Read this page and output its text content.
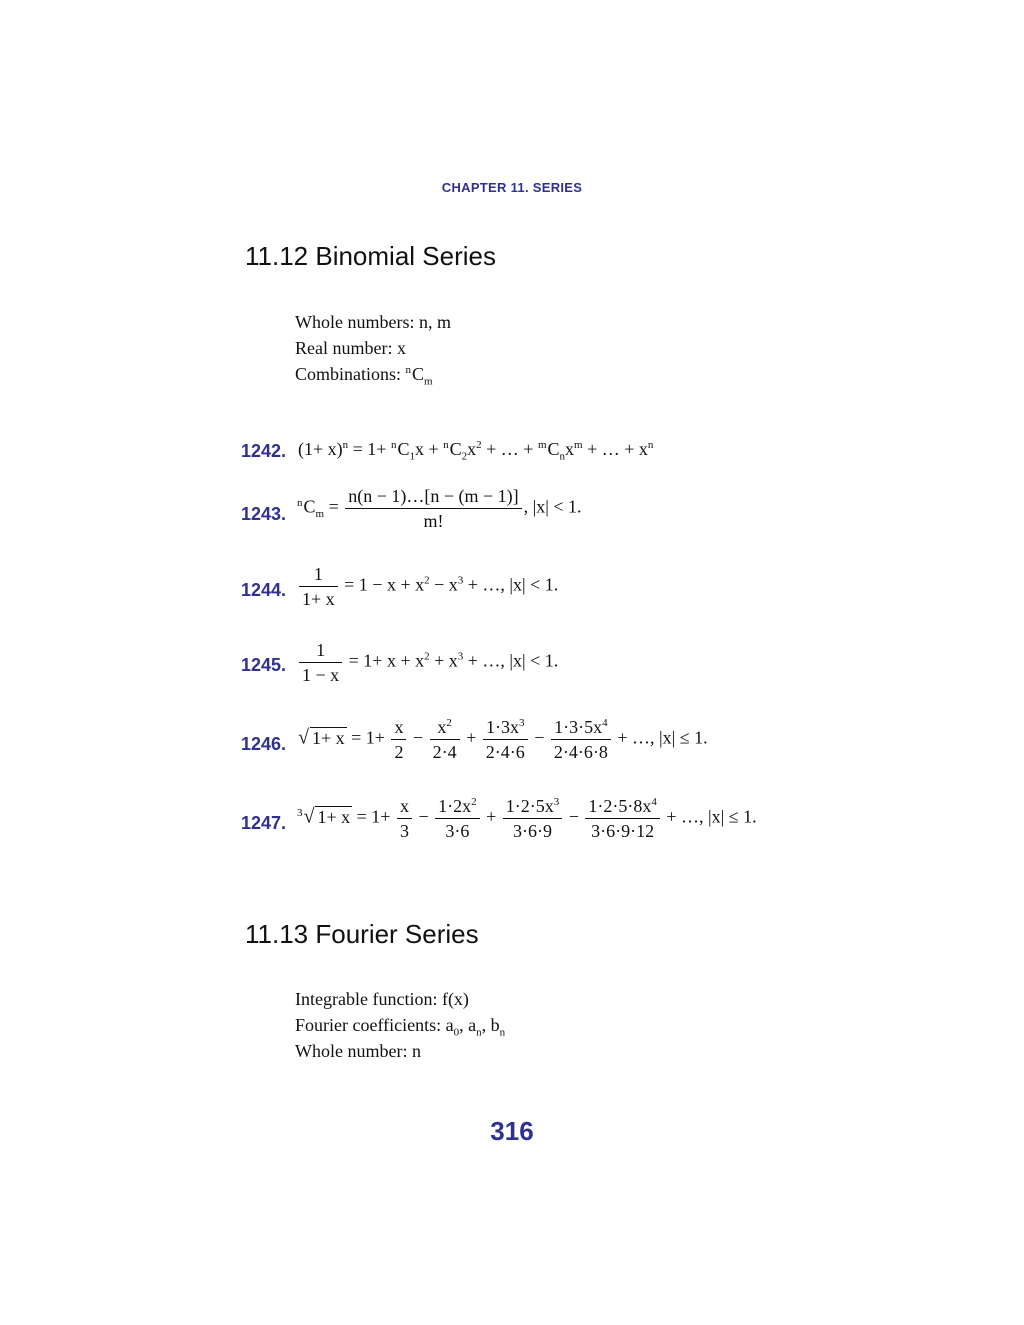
CHAPTER 11. SERIES
11.12 Binomial Series
Whole numbers: n, m
Real number: x
Combinations: $^nC_m$
1242. $(1+ x)^n = 1+ ^nC_1x + ^nC_2x^2$ + … + $^mC_nx^m$ + … + $x^n$
1243.
$^nC_m = \frac{n(n - 1)\dots[n - (m - 1)]}{m!}$ , |x| < 1.
1244. $\frac{1}{1+ x} = 1 - x + x^2 - x^3$ + …, |x| < 1.
1245. $\frac{1}{1 - x} = 1+ x + x^2 + x^3$ + …, |x| < 1.
1246. √ $1+ x = 1+ \frac{x}{2} - \frac{x^2}{2\cdot 4} + \frac{1\cdot 3x^3}{2\cdot 4\cdot 6} - \frac{1\cdot 3\cdot 5x^4}{2\cdot 4\cdot 6\cdot 8}$ + …, |x| ≤ 1.
1247.
$^3$√ $1+ x = 1+ \frac{x}{3} - \frac{1\cdot 2x^2}{3\cdot 6} + \frac{1\cdot 2\cdot 5x^3}{3\cdot 6\cdot 9} - \frac{1\cdot 2\cdot 5\cdot 8x^4}{3\cdot 6\cdot 9\cdot 12}$ + …, |x| ≤ 1.
11.13 Fourier Series
Integrable function: f(x)
Fourier coefficients: $a_0$, $a_n$, $b_n$
Whole number: n
316
